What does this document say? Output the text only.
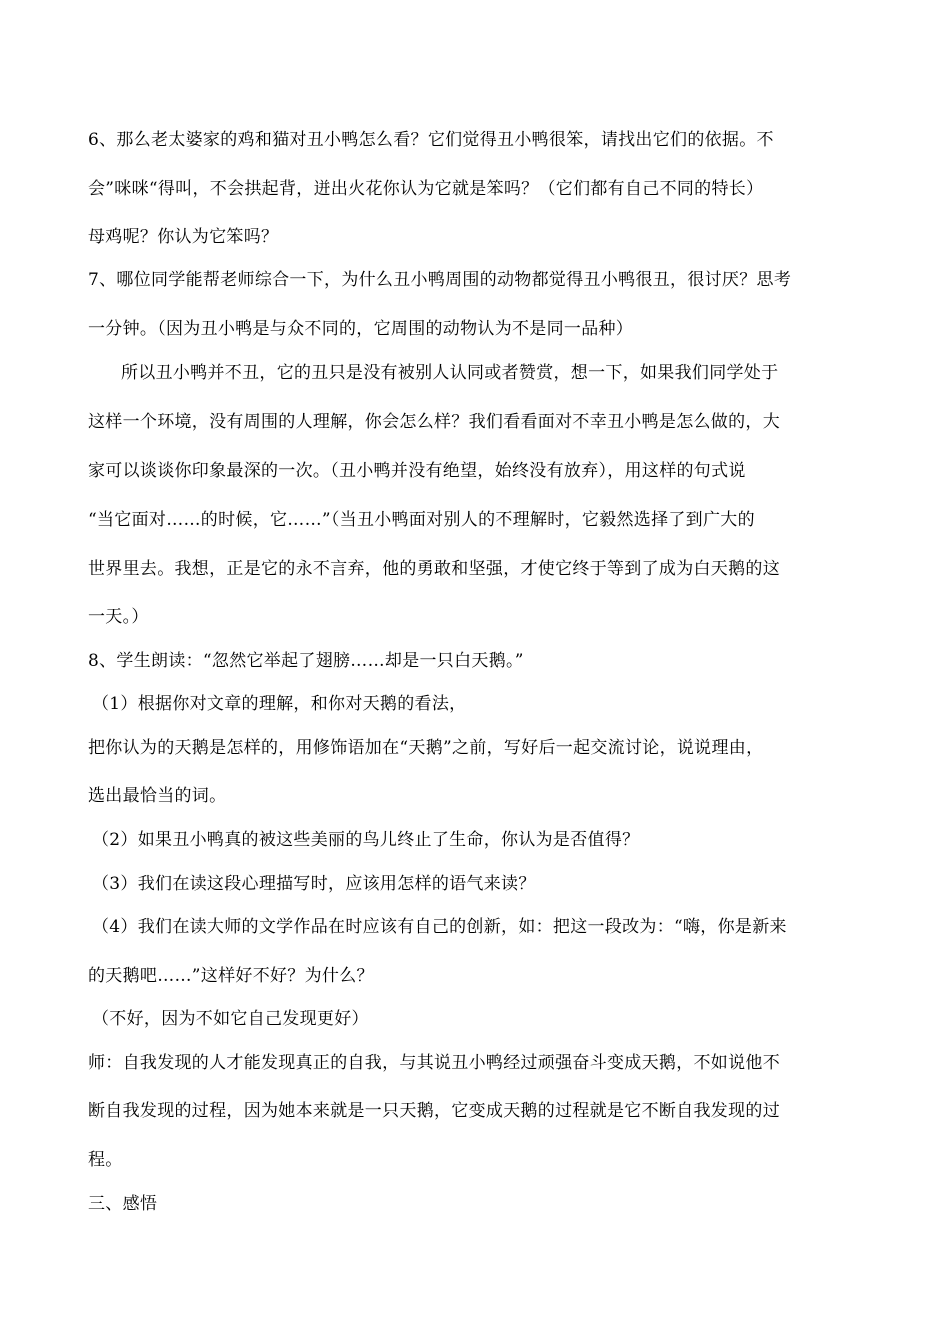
6、那么老太婆家的鸡和猫对丑小鸭怎么看？它们觉得丑小鸭很笨，请找出它们的依据。不
会”咪咪“得叫，不会拱起背，迸出火花你认为它就是笨吗？（它们都有自己不同的特长）
母鸡呢？你认为它笨吗？
7、哪位同学能帮老师综合一下，为什么丑小鸭周围的动物都觉得丑小鸭很丑，很讨厌？思考
一分钟。（因为丑小鸭是与众不同的，它周围的动物认为不是同一品种）
所以丑小鸭并不丑，它的丑只是没有被别人认同或者赞赏，想一下，如果我们同学处于
这样一个环境，没有周围的人理解，你会怎么样？我们看看面对不幸丑小鸭是怎么做的，大
家可以谈谈你印象最深的一次。（丑小鸭并没有绝望，始终没有放弃），用这样的句式说
“当它面对……的时候，它……”（当丑小鸭面对别人的不理解时，它毅然选择了到广大的
世界里去。我想，正是它的永不言弃，他的勇敢和坚强，才使它终于等到了成为白天鹅的这
一天。）
8、学生朗读：“忽然它举起了翅膀……却是一只白天鹅。”
（1）根据你对文章的理解，和你对天鹅的看法，
把你认为的天鹅是怎样的，用修饰语加在“天鹅”之前，写好后一起交流讨论，说说理由，
选出最恰当的词。
（2）如果丑小鸭真的被这些美丽的鸟儿终止了生命，你认为是否值得？
（3）我们在读这段心理描写时，应该用怎样的语气来读？
（4）我们在读大师的文学作品在时应该有自己的创新，如：把这一段改为：“嗨，你是新来
的天鹅吧……”这样好不好？为什么？
（不好，因为不如它自己发现更好）
师：自我发现的人才能发现真正的自我，与其说丑小鸭经过顽强奋斗变成天鹅，不如说他不
断自我发现的过程，因为她本来就是一只天鹅，它变成天鹅的过程就是它不断自我发现的过
程。
三、感悟
